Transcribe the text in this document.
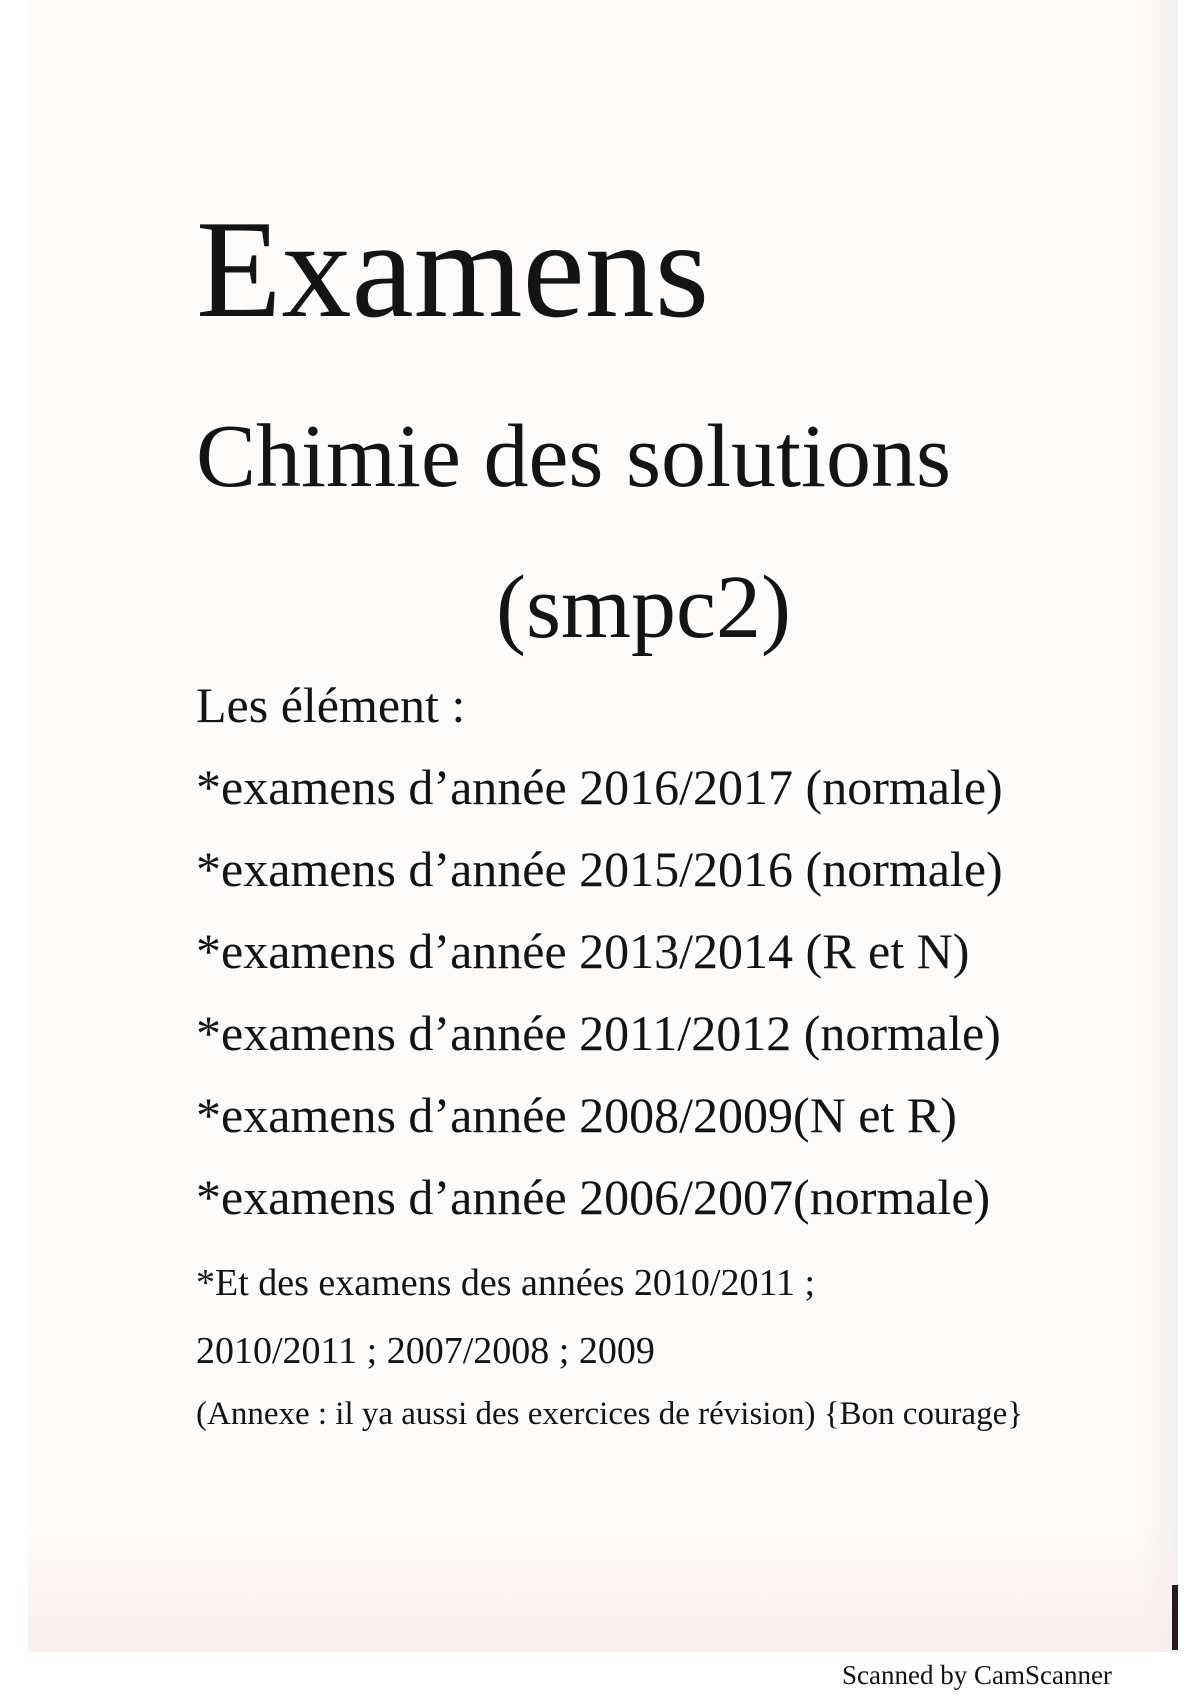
Examens
Chimie des solutions
(smpc2)

Les élément :

*examens d’année 2016/2017 (normale)
*examens d’année 2015/2016 (normale)
*examens d’année 2013/2014 (R et N)
*examens d’année 2011/2012 (normale)
*examens d’année 2008/2009(N et R)
*examens d’année 2006/2007(normale)

*Et des examens des années 2010/2011 ;

2010/2011 ; 2007/2008 ; 2009

(Annexe : il ya aussi des exercices de révision) {Bon courage}

Scanned by CamScanner
